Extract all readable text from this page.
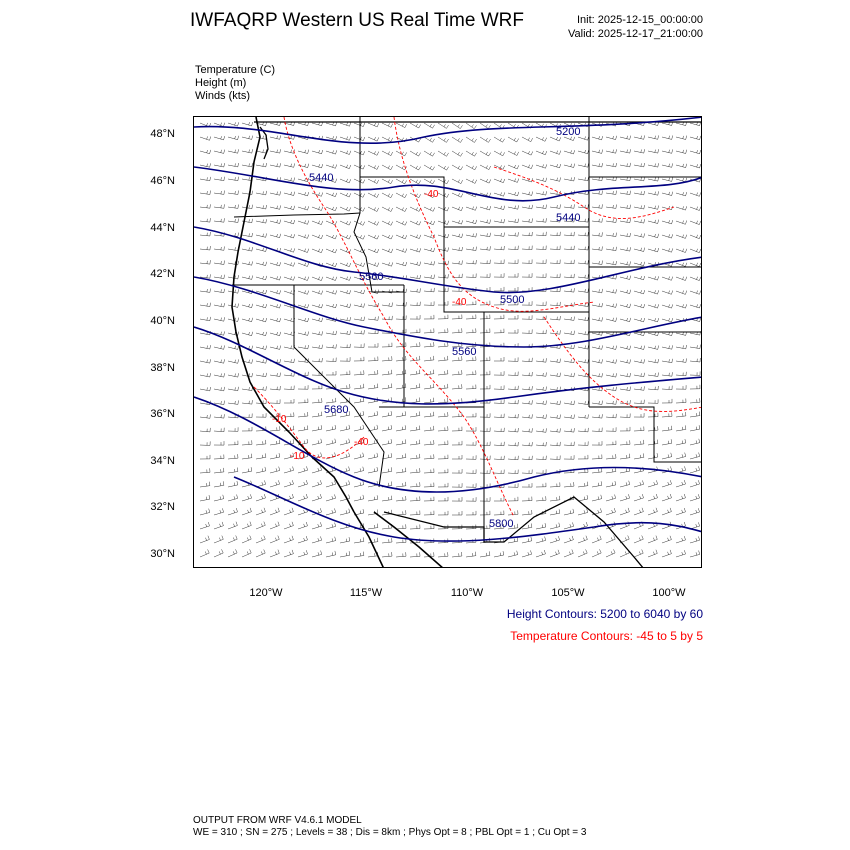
IWFAQRP Western US Real Time WRF	Init: 2025-12-15_00:00:00
Valid: 2025-12-17_21:00:00
Temperature (C)
Height (m)
Winds (kts)
48°N
46°N
44°N
42°N
40°N
38°N
36°N
34°N
32°N
30°N
120°W	115°W	110°W	105°W	100°W
5200
5440
5440
5560
5500
5560
5680
5800
-40
-40
-10
-10
-40
Height Contours: 5200 to 6040 by 60
Temperature Contours: -45 to 5 by 5
OUTPUT FROM WRF V4.6.1 MODEL
WE = 310 ; SN = 275 ; Levels = 38 ; Dis = 8km ; Phys Opt = 8 ; PBL Opt = 1 ; Cu Opt = 3
